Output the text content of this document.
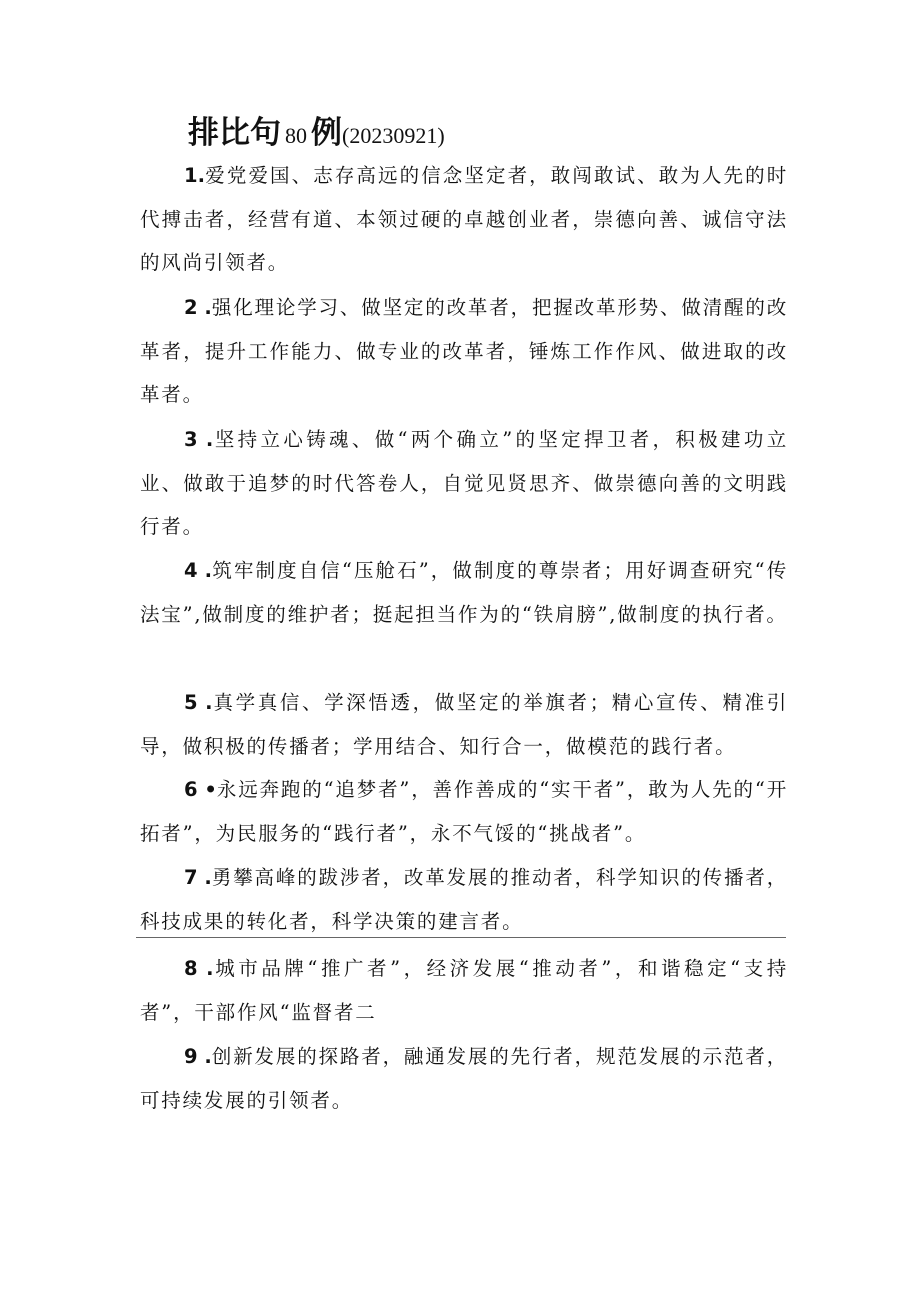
排比句 80 例(20230921)

1.爱党爱国、志存高远的信念坚定者，敢闯敢试、敢为人先的时代搏击者，经营有道、本领过硬的卓越创业者，崇德向善、诚信守法的风尚引领者。

2 .强化理论学习、做坚定的改革者，把握改革形势、做清醒的改革者，提升工作能力、做专业的改革者，锤炼工作作风、做进取的改革者。

3 .坚持立心铸魂、做“两个确立”的坚定捍卫者，积极建功立业、做敢于追梦的时代答卷人，自觉见贤思齐、做崇德向善的文明践行者。

4 .筑牢制度自信“压舱石”，做制度的尊崇者；用好调查研究“传法宝”,做制度的维护者；挺起担当作为的“铁肩膀”,做制度的执行者。

5 .真学真信、学深悟透，做坚定的举旗者；精心宣传、精准引导，做积极的传播者；学用结合、知行合一，做模范的践行者。

6 •永远奔跑的“追梦者”，善作善成的“实干者”，敢为人先的“开拓者”，为民服务的“践行者”，永不气馁的“挑战者”。

7 .勇攀高峰的跋涉者，改革发展的推动者，科学知识的传播者，科技成果的转化者，科学决策的建言者。

8 .城市品牌“推广者”，经济发展“推动者”，和谐稳定“支持者”，干部作风“监督者二

9 .创新发展的探路者，融通发展的先行者，规范发展的示范者，可持续发展的引领者。
